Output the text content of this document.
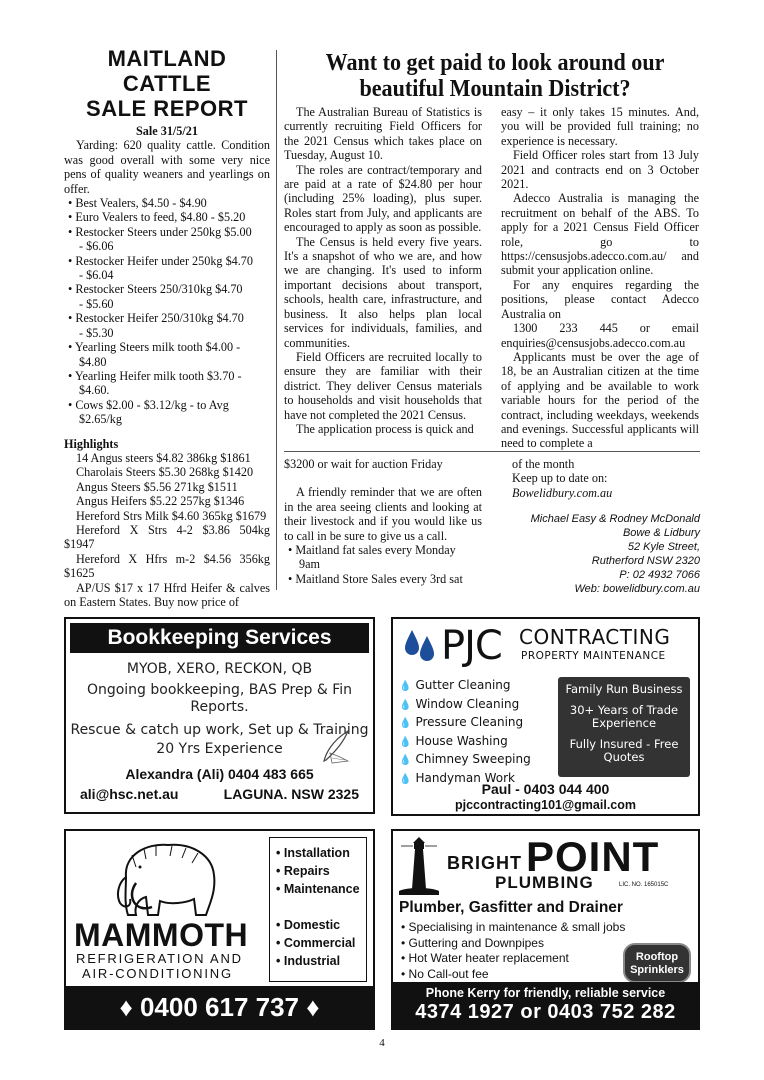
MAITLAND CATTLE
SALE REPORT
Sale 31/5/21
Yarding: 620 quality cattle. Condition was good overall with some very nice pens of quality weaners and yearlings on offer.
• Best Vealers, $4.50 - $4.90
• Euro Vealers to feed, $4.80 - $5.20
• Restocker Steers under 250kg $5.00
- $6.06
• Restocker Heifer under 250kg $4.70
- $6.04
• Restocker Steers 250/310kg $4.70
- $5.60
• Restocker Heifer 250/310kg $4.70
- $5.30
• Yearling Steers milk tooth $4.00 -
$4.80
• Yearling Heifer milk tooth $3.70 -
$4.60.
• Cows $2.00 - $3.12/kg - to Avg
$2.65/kg
Highlights
14 Angus steers $4.82 386kg $1861
Charolais Steers $5.30 268kg $1420
Angus Steers $5.56 271kg $1511
Angus Heifers $5.22 257kg $1346
Hereford Strs Milk $4.60 365kg $1679
Hereford X Strs 4-2 $3.86 504kg $1947
Hereford X Hfrs m-2 $4.56 356kg $1625
AP/US $17 x 17 Hfrd Heifer & calves on Eastern States. Buy now price of
Want to get paid to look around our
beautiful Mountain District?

The Australian Bureau of Statistics is currently recruiting Field Officers for the 2021 Census which takes place on Tuesday, August 10.

The roles are contract/temporary and are paid at a rate of $24.80 per hour (including 25% loading), plus super. Roles start from July, and applicants are encouraged to apply as soon as possible.

The Census is held every five years. It's a snapshot of who we are, and how we are changing. It's used to inform important decisions about transport, schools, health care, infrastructure, and business. It also helps plan local services for individuals, families, and communities.

Field Officers are recruited locally to ensure they are familiar with their district. They deliver Census materials to households and visit households that have not completed the 2021 Census.

The application process is quick and

easy – it only takes 15 minutes. And, you will be provided full training; no experience is necessary.

Field Officer roles start from 13 July 2021 and contracts end on 3 October 2021.

Adecco Australia is managing the recruitment on behalf of the ABS. To apply for a 2021 Census Field Officer role, go to https://censusjobs.adecco.com.au/ and submit your application online.

For any enquires regarding the positions, please contact Adecco Australia on

1300 233 445 or email enquiries@censusjobs.adecco.com.au

Applicants must be over the age of 18, be an Australian citizen at the time of applying and be available to work variable hours for the period of the contract, including weekdays, weekends and evenings. Successful applicants will need to complete a

$3200 or wait for auction Friday
A friendly reminder that we are often in the area seeing clients and looking at their livestock and if you would like us to call in be sure to give us a call.
• Maitland fat sales every Monday
9am
• Maitland Store Sales every 3rd sat
of the month
Keep up to date on:
Bowelidbury.com.au
Michael Easy & Rodney McDonald
Bowe & Lidbury
52 Kyle Street,
Rutherford NSW 2320
P: 02 4932 7066
Web: bowelidbury.com.au
Bookkeeping Services
MYOB, XERO, RECKON, QB
Ongoing bookkeeping, BAS Prep & Fin Reports.
Rescue & catch up work, Set up & Training
20 Yrs Experience
Alexandra (Ali) 0404 483 665
ali@hsc.net.au	LAGUNA. NSW 2325
PJC CONTRACTING
PROPERTY MAINTENANCE
💧 Gutter Cleaning
💧 Window Cleaning
💧 Pressure Cleaning
💧 House Washing
💧 Chimney Sweeping
💧 Handyman Work
Family Run Business
30+ Years of Trade Experience
Fully Insured - Free Quotes
Paul - 0403 044 400
pjccontracting101@gmail.com
MAMMOTH
REFRIGERATION AND
AIR-CONDITIONING
• Installation
• Repairs
• Maintenance
• Domestic
• Commercial
• Industrial
♦ 0400 617 737 ♦
BRIGHT POINT
PLUMBING	LIC. NO. 165015C
Plumber, Gasfitter and Drainer
• Specialising in maintenance & small jobs
• Guttering and Downpipes
• Hot Water heater replacement
• No Call-out fee
Rooftop Sprinklers
Phone Kerry for friendly, reliable service
4374 1927 or 0403 752 282
4
